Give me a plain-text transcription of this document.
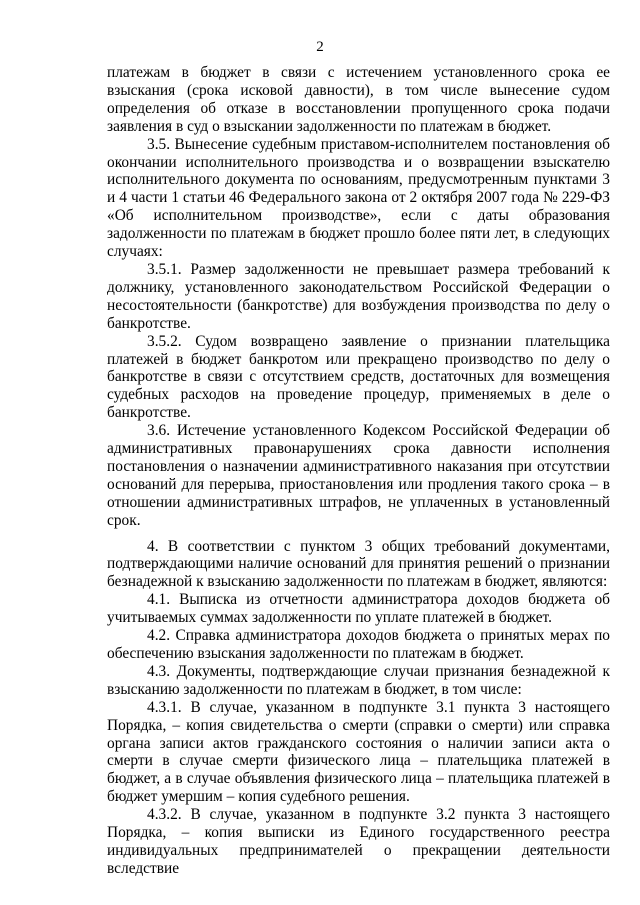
2

платежам в бюджет в связи с истечением установленного срока ее взыскания (срока исковой давности), в том числе вынесение судом определения об отказе в восстановлении пропущенного срока подачи заявления в суд о взыскании задолженности по платежам в бюджет.

3.5. Вынесение судебным приставом-исполнителем постановления об окончании исполнительного производства и о возвращении взыскателю исполнительного документа по основаниям, предусмотренным пунктами 3 и 4 части 1 статьи 46 Федерального закона от 2 октября 2007 года № 229-ФЗ «Об исполнительном производстве», если с даты образования задолженности по платежам в бюджет прошло более пяти лет, в следующих случаях:

3.5.1. Размер задолженности не превышает размера требований к должнику, установленного законодательством Российской Федерации о несостоятельности (банкротстве) для возбуждения производства по делу о банкротстве.

3.5.2. Судом возвращено заявление о признании плательщика платежей в бюджет банкротом или прекращено производство по делу о банкротстве в связи с отсутствием средств, достаточных для возмещения судебных расходов на проведение процедур, применяемых в деле о банкротстве.

3.6. Истечение установленного Кодексом Российской Федерации об административных правонарушениях срока давности исполнения постановления о назначении административного наказания при отсутствии оснований для перерыва, приостановления или продления такого срока – в отношении административных штрафов, не уплаченных в установленный срок.

4. В соответствии с пунктом 3 общих требований документами, подтверждающими наличие оснований для принятия решений о признании безнадежной к взысканию задолженности по платежам в бюджет, являются:

4.1. Выписка из отчетности администратора доходов бюджета об учитываемых суммах задолженности по уплате платежей в бюджет.

4.2. Справка администратора доходов бюджета о принятых мерах по обеспечению взыскания задолженности по платежам в бюджет.

4.3. Документы, подтверждающие случаи признания безнадежной к взысканию задолженности по платежам в бюджет, в том числе:

4.3.1. В случае, указанном в подпункте 3.1 пункта 3 настоящего Порядка, – копия свидетельства о смерти (справки о смерти) или справка органа записи актов гражданского состояния о наличии записи акта о смерти в случае смерти физического лица – плательщика платежей в бюджет, а в случае объявления физического лица – плательщика платежей в бюджет умершим – копия судебного решения.

4.3.2. В случае, указанном в подпункте 3.2 пункта 3 настоящего Порядка, – копия выписки из Единого государственного реестра индивидуальных предпринимателей о прекращении деятельности вследствие
